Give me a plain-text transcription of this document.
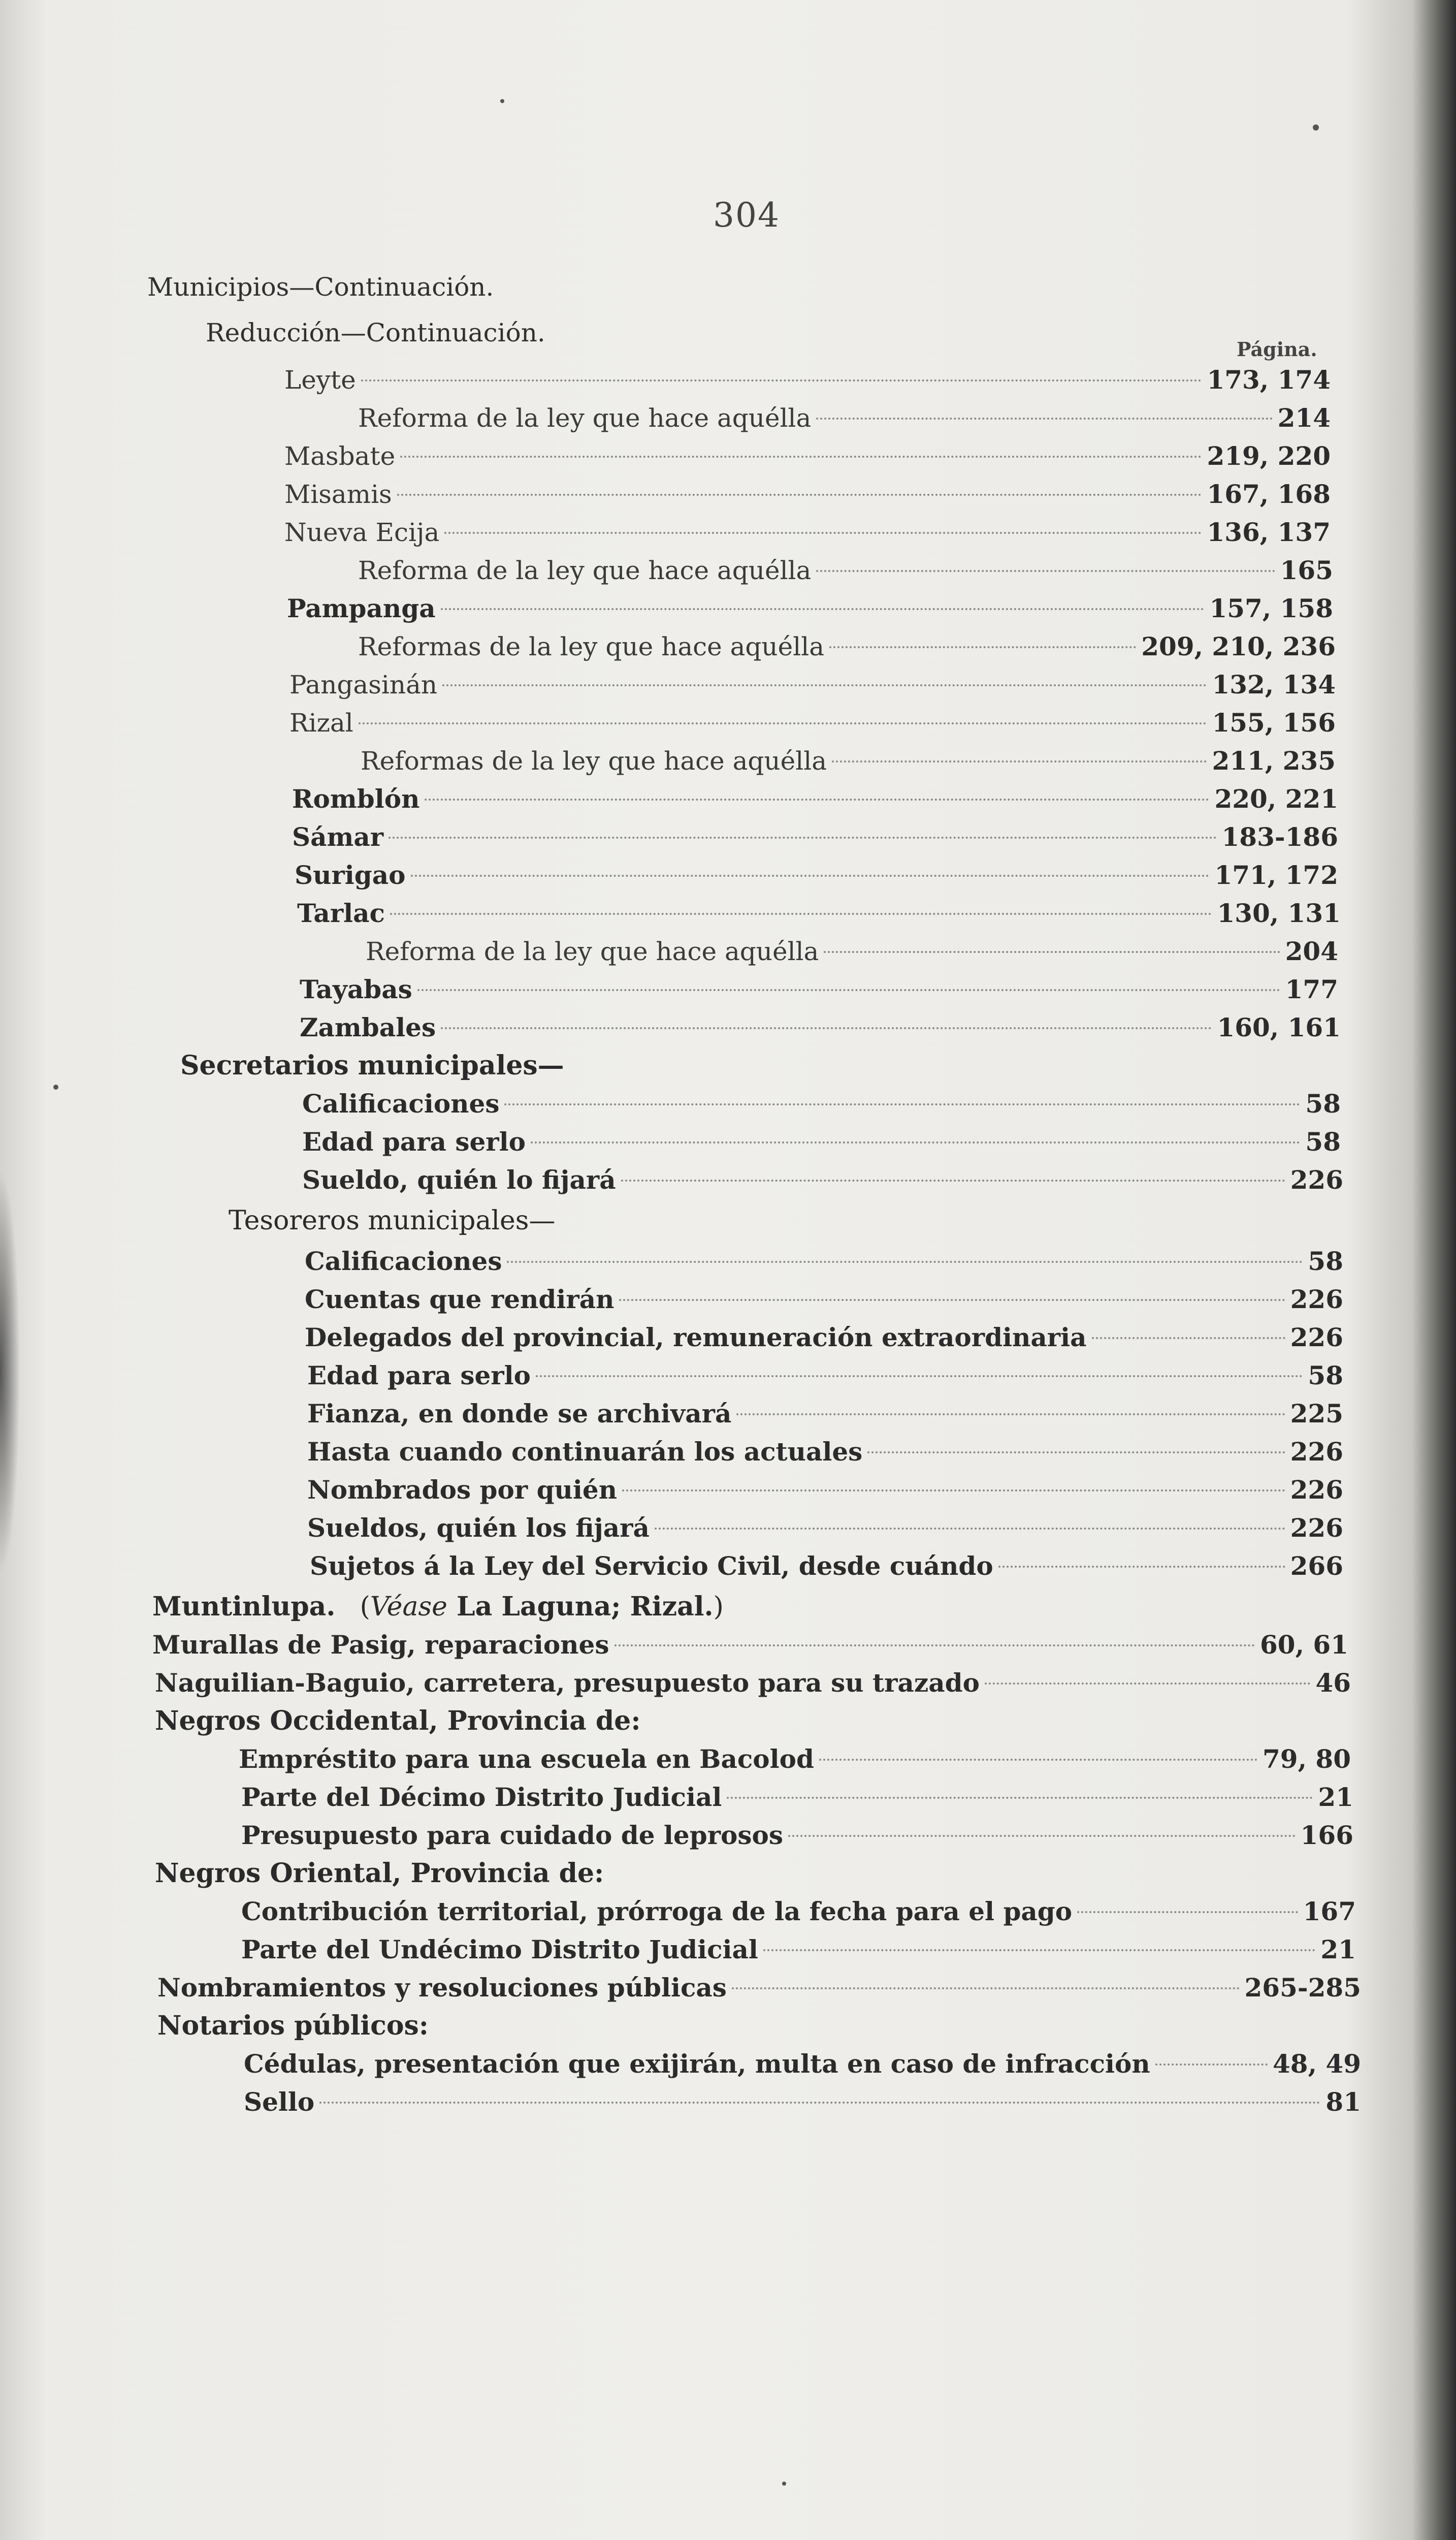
304
Municipios—Continuación.
Reducción—Continuación.
Página.
Leyte	173, 174
Reforma de la ley que hace aquélla	214
Masbate	219, 220
Misamis	167, 168
Nueva Ecija	136, 137
Reforma de la ley que hace aquélla	165
Pampanga	157, 158
Reformas de la ley que hace aquélla	209, 210, 236
Pangasinán	132, 134
Rizal	155, 156
Reformas de la ley que hace aquélla	211, 235
Romblón	220, 221
Sámar	183-186
Surigao	171, 172
Tarlac	130, 131
Reforma de la ley que hace aquélla	204
Tayabas	177
Zambales	160, 161
Secretarios municipales—
Calificaciones	58
Edad para serlo	58
Sueldo, quién lo fijará	226
Tesoreros municipales—
Calificaciones	58
Cuentas que rendirán	226
Delegados del provincial, remuneración extraordinaria	226
Edad para serlo	58
Fianza, en donde se archivará	225
Hasta cuando continuarán los actuales	226
Nombrados por quién	226
Sueldos, quién los fijará	226
Sujetos á la Ley del Servicio Civil, desde cuándo	266
Muntinlupa. (Véase La Laguna; Rizal.)
Murallas de Pasig, reparaciones	60, 61
Naguilian-Baguio, carretera, presupuesto para su trazado	46
Negros Occidental, Provincia de:
Empréstito para una escuela en Bacolod	79, 80
Parte del Décimo Distrito Judicial	21
Presupuesto para cuidado de leprosos	166
Negros Oriental, Provincia de:
Contribución territorial, prórroga de la fecha para el pago	167
Parte del Undécimo Distrito Judicial	21
Nombramientos y resoluciones públicas	265-285
Notarios públicos:
Cédulas, presentación que exijirán, multa en caso de infracción	48, 49
Sello	81
